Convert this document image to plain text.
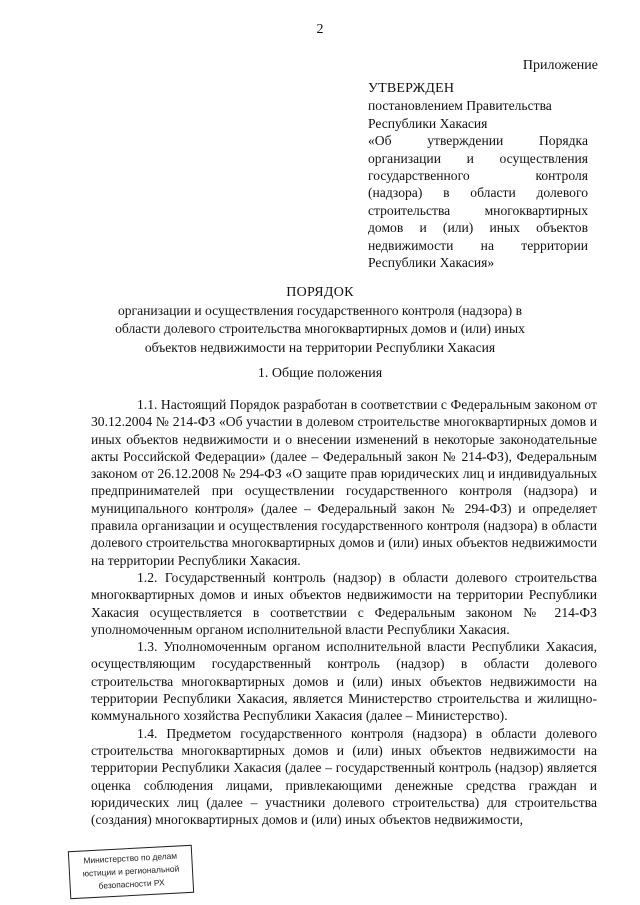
2
Приложение
УТВЕРЖДЕН
постановлением Правительства
Республики Хакасия
«Об утверждении Порядка
организации и осуществления
государственного контроля
(надзора) в области долевого
строительства многоквартирных
домов и (или) иных объектов
недвижимости на территории
Республики Хакасия»
ПОРЯДОК
организации и осуществления государственного контроля (надзора) в области долевого строительства многоквартирных домов и (или) иных объектов недвижимости на территории Республики Хакасия
1. Общие положения

1.1. Настоящий Порядок разработан в соответствии с Федеральным законом от 30.12.2004 № 214-ФЗ «Об участии в долевом строительстве многоквартирных домов и иных объектов недвижимости и о внесении изменений в некоторые законодательные акты Российской Федерации» (далее – Федеральный закон № 214-ФЗ), Федеральным законом от 26.12.2008 № 294-ФЗ «О защите прав юридических лиц и индивидуальных предпринимателей при осуществлении государственного контроля (надзора) и муниципального контроля» (далее – Федеральный закон № 294-ФЗ) и определяет правила организации и осуществления государственного контроля (надзора) в области долевого строительства многоквартирных домов и (или) иных объектов недвижимости на территории Республики Хакасия.

1.2. Государственный контроль (надзор) в области долевого строительства многоквартирных домов и иных объектов недвижимости на территории Республики Хакасия осуществляется в соответствии с Федеральным законом № 214-ФЗ уполномоченным органом исполнительной власти Республики Хакасия.

1.3. Уполномоченным органом исполнительной власти Республики Хакасия, осуществляющим государственный контроль (надзор) в области долевого строительства многоквартирных домов и (или) иных объектов недвижимости на территории Республики Хакасия, является Министерство строительства и жилищно-коммунального хозяйства Республики Хакасия (далее – Министерство).

1.4. Предметом государственного контроля (надзора) в области долевого строительства многоквартирных домов и (или) иных объектов недвижимости на территории Республики Хакасия (далее – государственный контроль (надзор) является оценка соблюдения лицами, привлекающими денежные средства граждан и юридических лиц (далее – участники долевого строительства) для строительства (создания) многоквартирных домов и (или) иных объектов недвижимости,

Министерство по делам
юстиции и региональной
безопасности РХ
